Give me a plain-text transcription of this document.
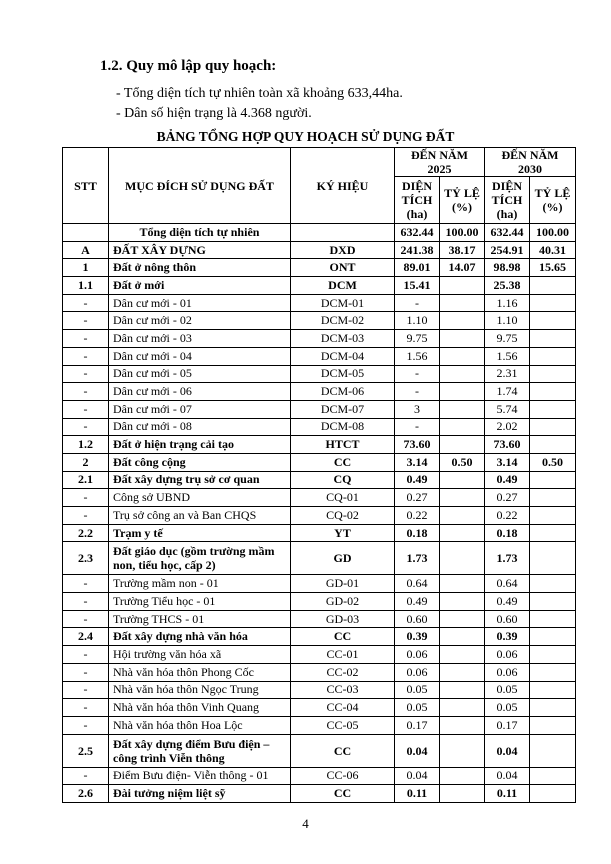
1.2. Quy mô lập quy hoạch:
- Tổng diện tích tự nhiên toàn xã khoảng 633,44ha.
- Dân số hiện trạng là 4.368 người.
BẢNG TỔNG HỢP QUY HOẠCH SỬ DỤNG ĐẤT
STT	MỤC ĐÍCH SỬ DỤNG ĐẤT	KÝ HIỆU	ĐẾN NĂM 2025		ĐẾN NĂM 2030	
			DIỆN TÍCH (ha)	TỶ LỆ (%)	DIỆN TÍCH (ha)	TỶ LỆ (%)
	Tổng diện tích tự nhiên		632.44	100.00	632.44	100.00
A	ĐẤT XÂY DỰNG	DXD	241.38	38.17	254.91	40.31
1	Đất ở nông thôn	ONT	89.01	14.07	98.98	15.65
1.1	Đất ở mới	DCM	15.41		25.38	
-	Dân cư mới - 01	DCM-01	-		1.16	
-	Dân cư mới - 02	DCM-02	1.10		1.10	
-	Dân cư mới - 03	DCM-03	9.75		9.75	
-	Dân cư mới - 04	DCM-04	1.56		1.56	
-	Dân cư mới - 05	DCM-05	-		2.31	
-	Dân cư mới - 06	DCM-06	-		1.74	
-	Dân cư mới - 07	DCM-07	3		5.74	
-	Dân cư mới - 08	DCM-08	-		2.02	
1.2	Đất ở hiện trạng cải tạo	HTCT	73.60		73.60	
2	Đất công cộng	CC	3.14	0.50	3.14	0.50
2.1	Đất xây dựng trụ sở cơ quan	CQ	0.49		0.49	
-	Công sở UBND	CQ-01	0.27		0.27	
-	Trụ sở công an và Ban CHQS	CQ-02	0.22		0.22	
2.2	Trạm y tế	YT	0.18		0.18	
2.3	Đất giáo dục (gồm trường mầm non, tiểu học, cấp 2)	GD	1.73		1.73	
-	Trường mầm non - 01	GD-01	0.64		0.64	
-	Trường Tiểu học - 01	GD-02	0.49		0.49	
-	Trường THCS - 01	GD-03	0.60		0.60	
2.4	Đất xây dựng nhà văn hóa	CC	0.39		0.39	
-	Hội trường văn hóa xã	CC-01	0.06		0.06	
-	Nhà văn hóa thôn Phong Cốc	CC-02	0.06		0.06	
-	Nhà văn hóa thôn Ngọc Trung	CC-03	0.05		0.05	
-	Nhà văn hóa thôn Vinh Quang	CC-04	0.05		0.05	
-	Nhà văn hóa thôn Hoa Lộc	CC-05	0.17		0.17	
2.5	Đất xây dựng điểm Bưu điện – công trình Viễn thông	CC	0.04		0.04	
-	Điểm Bưu điện- Viễn thông - 01	CC-06	0.04		0.04	
2.6	Đài tưởng niệm liệt sỹ	CC	0.11		0.11	
4
